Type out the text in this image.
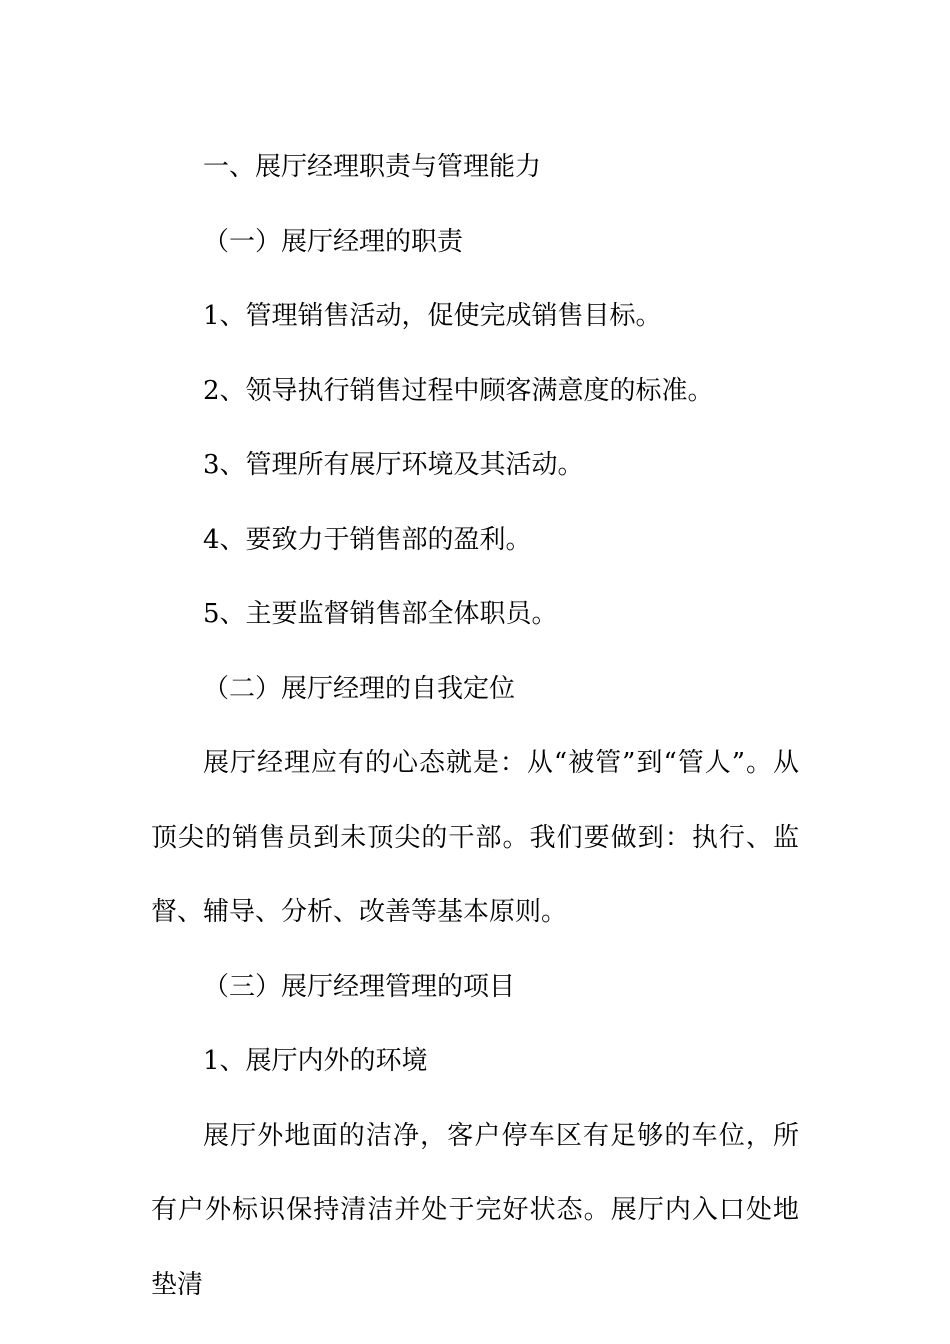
一、展厅经理职责与管理能力

（一）展厅经理的职责

1、管理销售活动，促使完成销售目标。

2、领导执行销售过程中顾客满意度的标准。

3、管理所有展厅环境及其活动。

4、要致力于销售部的盈利。

5、主要监督销售部全体职员。

（二）展厅经理的自我定位

展厅经理应有的心态就是：从“被管”到“管人”。从顶尖的销售员到未顶尖的干部。我们要做到：执行、监督、辅导、分析、改善等基本原则。

（三）展厅经理管理的项目

1、展厅内外的环境

展厅外地面的洁净，客户停车区有足够的车位，所有户外标识保持清洁并处于完好状态。展厅内入口处地垫清
